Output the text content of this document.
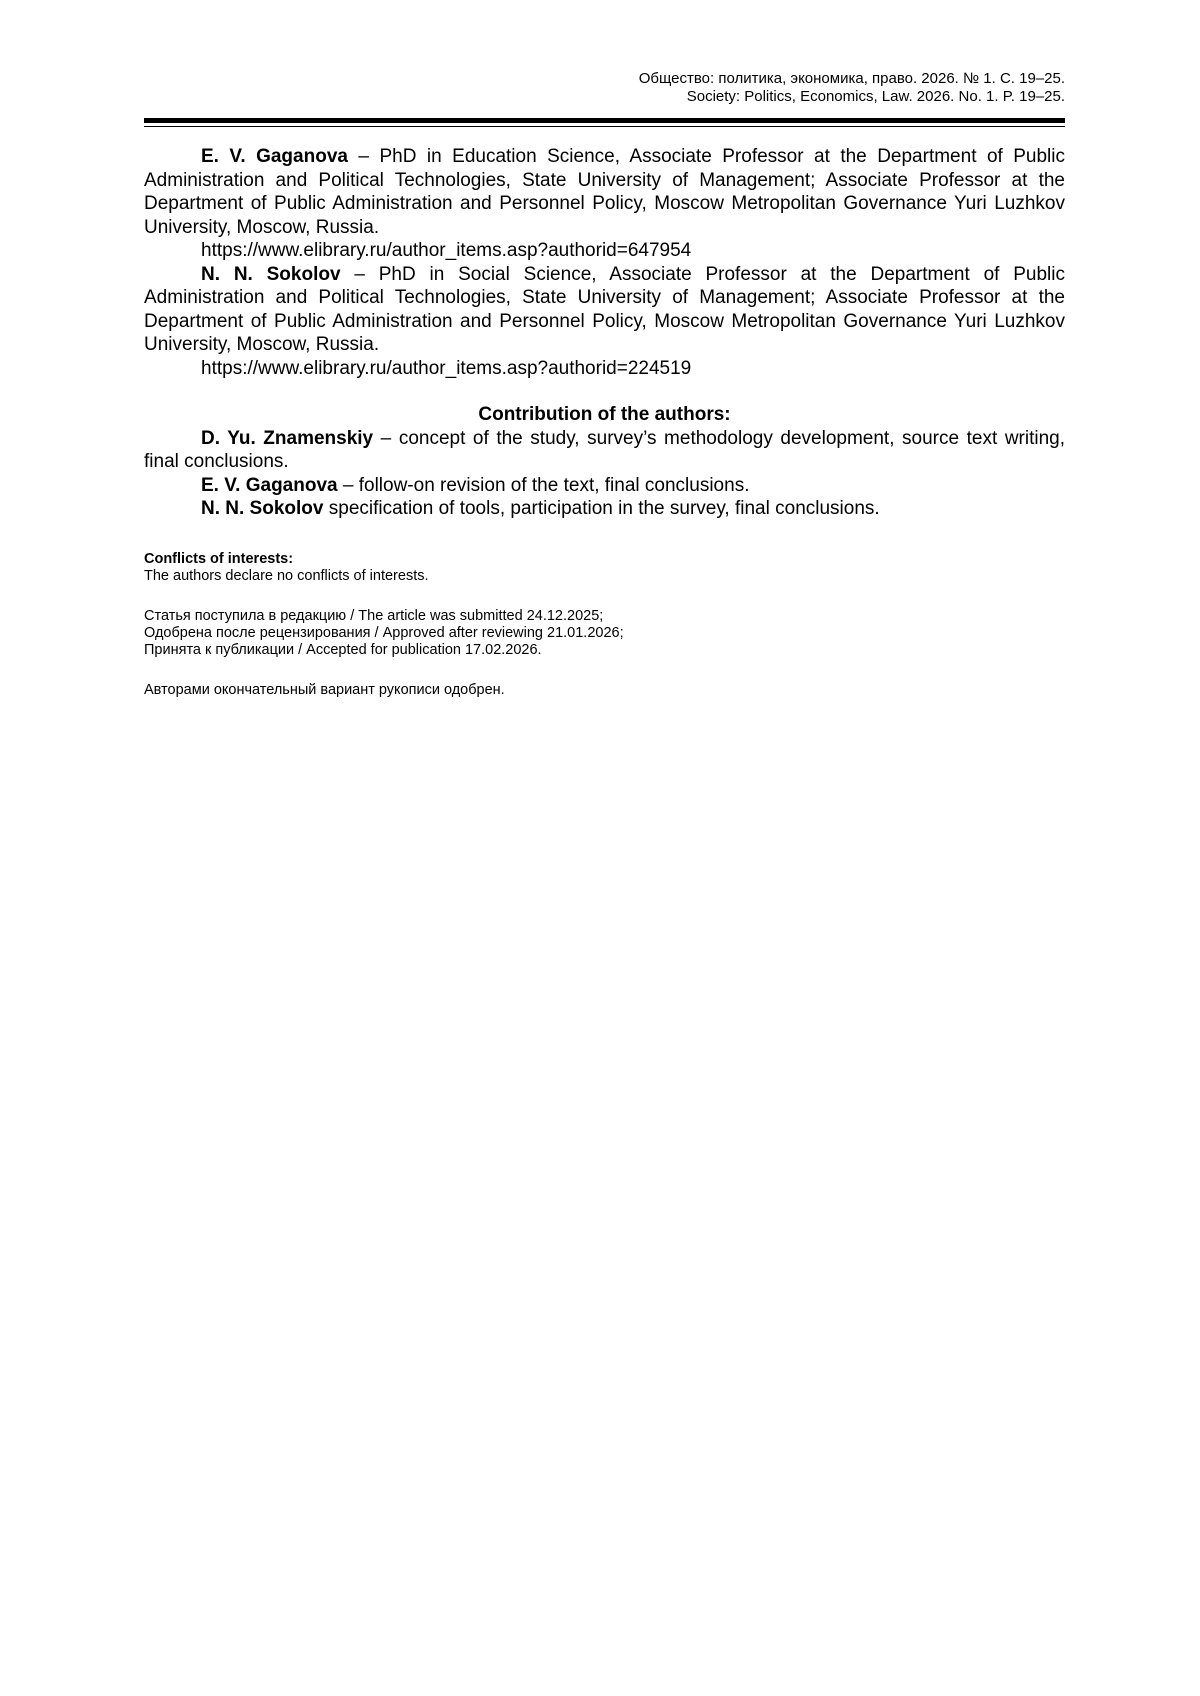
Общество: политика, экономика, право. 2026. № 1. С. 19–25.
Society: Politics, Economics, Law. 2026. No. 1. P. 19–25.
E. V. Gaganova – PhD in Education Science, Associate Professor at the Department of Public Administration and Political Technologies, State University of Management; Associate Professor at the Department of Public Administration and Personnel Policy, Moscow Metropolitan Governance Yuri Luzhkov University, Moscow, Russia.
https://www.elibrary.ru/author_items.asp?authorid=647954
N. N. Sokolov – PhD in Social Science, Associate Professor at the Department of Public Administration and Political Technologies, State University of Management; Associate Professor at the Department of Public Administration and Personnel Policy, Moscow Metropolitan Governance Yuri Luzhkov University, Moscow, Russia.
https://www.elibrary.ru/author_items.asp?authorid=224519
Contribution of the authors:
D. Yu. Znamenskiy – concept of the study, survey’s methodology development, source text writing, final conclusions.
E. V. Gaganova – follow-on revision of the text, final conclusions.
N. N. Sokolov specification of tools, participation in the survey, final conclusions.
Conflicts of interests:
The authors declare no conflicts of interests.
Статья поступила в редакцию / The article was submitted 24.12.2025;
Одобрена после рецензирования / Approved after reviewing 21.01.2026;
Принята к публикации / Accepted for publication 17.02.2026.
Авторами окончательный вариант рукописи одобрен.
